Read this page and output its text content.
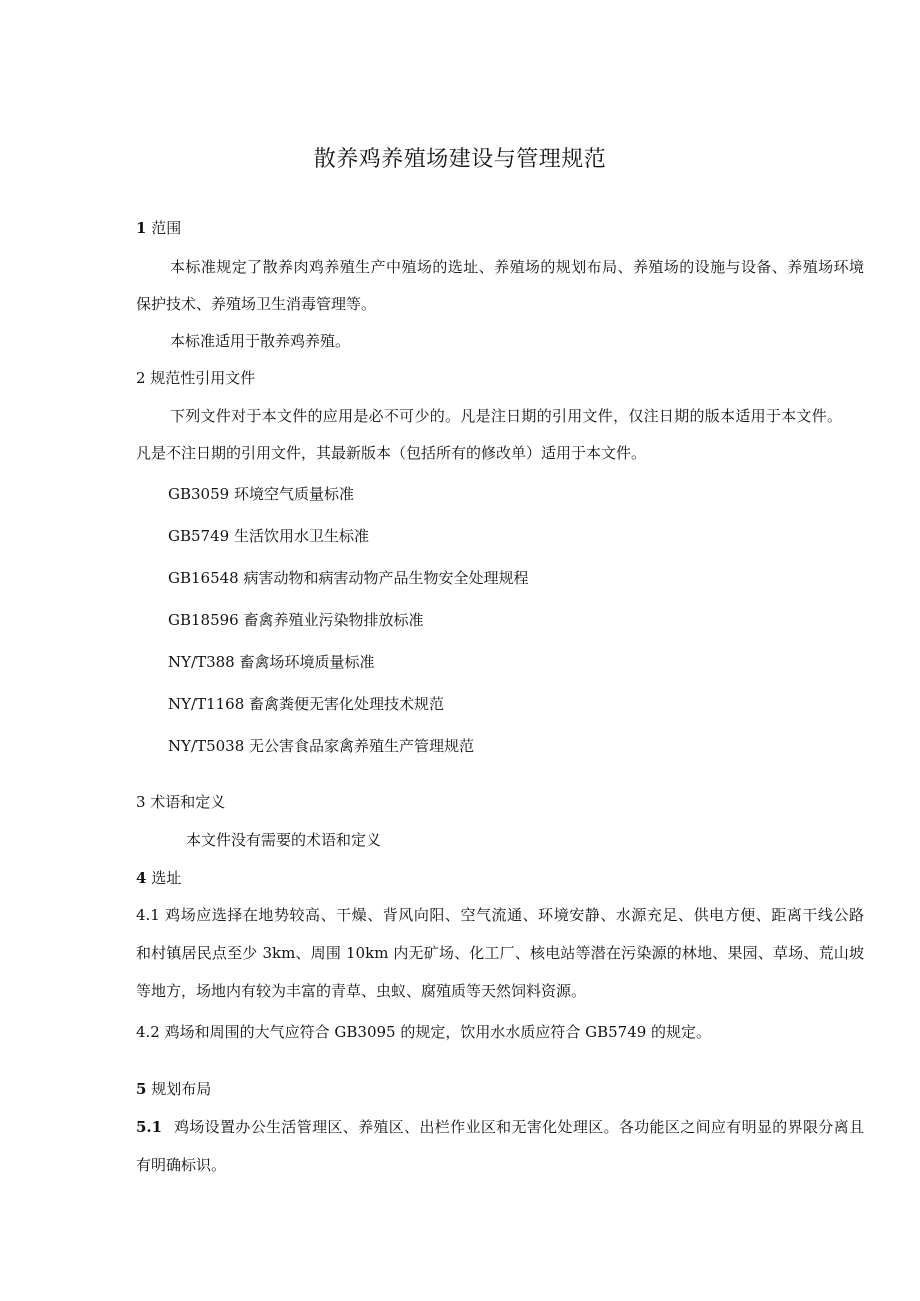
散养鸡养殖场建设与管理规范
1 范围
本标准规定了散养肉鸡养殖生产中殖场的选址、养殖场的规划布局、养殖场的设施与设备、养殖场环境
保护技术、养殖场卫生消毒管理等。
本标准适用于散养鸡养殖。
2 规范性引用文件
下列文件对于本文件的应用是必不可少的。凡是注日期的引用文件，仅注日期的版本适用于本文件。
凡是不注日期的引用文件，其最新版本（包括所有的修改单）适用于本文件。
GB3059 环境空气质量标准
GB5749 生活饮用水卫生标准
GB16548 病害动物和病害动物产品生物安全处理规程
GB18596 畜禽养殖业污染物排放标准
NY/T388 畜禽场环境质量标准
NY/T1168 畜禽粪便无害化处理技术规范
NY/T5038 无公害食品家禽养殖生产管理规范
3 术语和定义
本文件没有需要的术语和定义
4 选址
4.1 鸡场应选择在地势较高、干燥、背风向阳、空气流通、环境安静、水源充足、供电方便、距离干线公路
和村镇居民点至少 3km、周围 10km 内无矿场、化工厂、核电站等潜在污染源的林地、果园、草场、荒山坡
等地方，场地内有较为丰富的青草、虫蚁、腐殖质等天然饲料资源。
4.2 鸡场和周围的大气应符合 GB3095 的规定，饮用水水质应符合 GB5749 的规定。
5 规划布局
5.1 鸡场设置办公生活管理区、养殖区、出栏作业区和无害化处理区。各功能区之间应有明显的界限分离且
有明确标识。
